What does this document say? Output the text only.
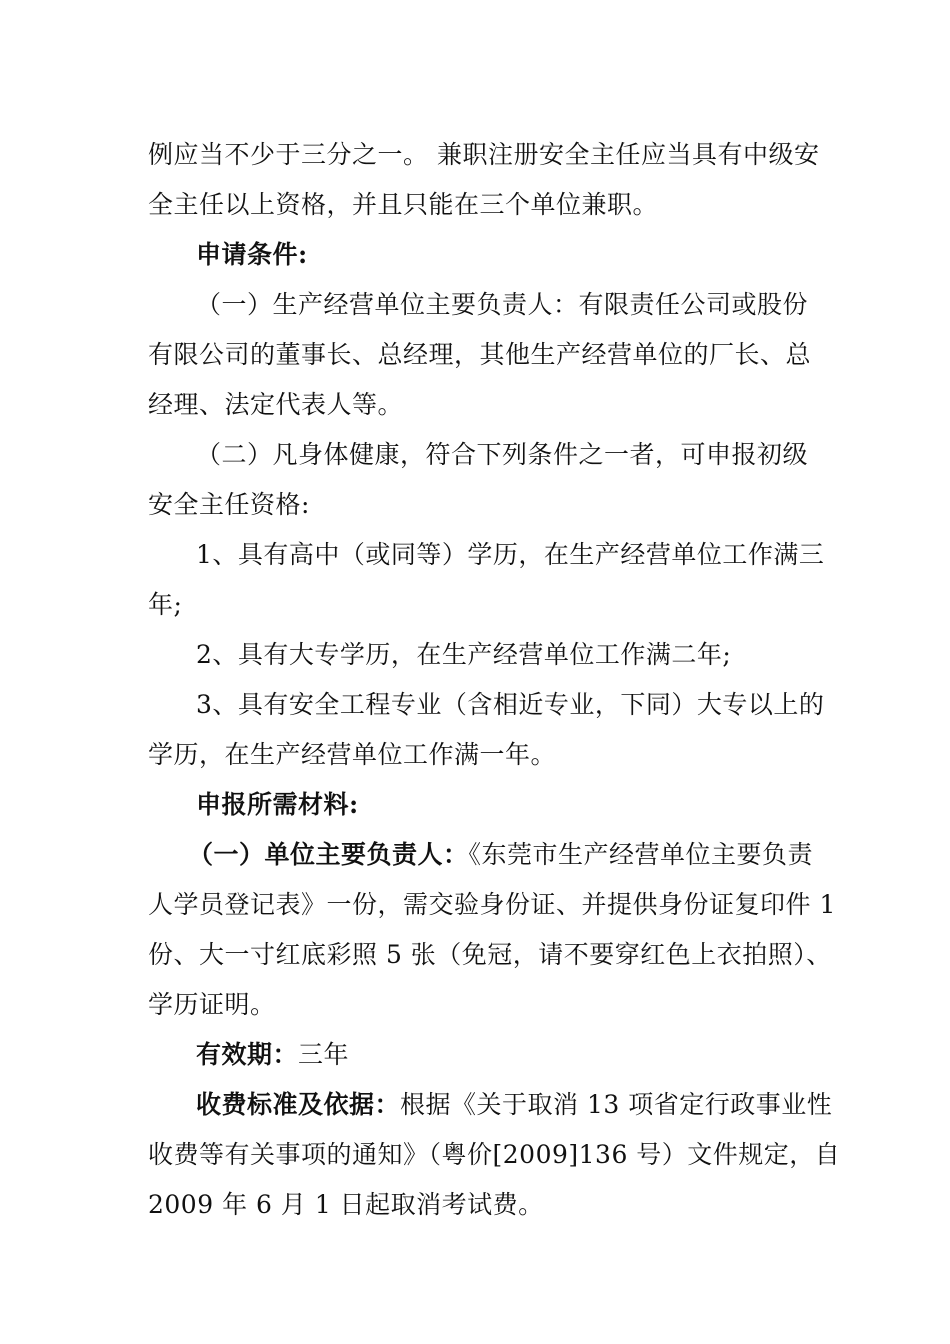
例应当不少于三分之一。 兼职注册安全主任应当具有中级安
全主任以上资格，并且只能在三个单位兼职。
申请条件:
（一）生产经营单位主要负责人：有限责任公司或股份
有限公司的董事长、总经理，其他生产经营单位的厂长、总
经理、法定代表人等。
（二）凡身体健康，符合下列条件之一者，可申报初级
安全主任资格:
1、具有高中（或同等）学历，在生产经营单位工作满三
年;
2、具有大专学历，在生产经营单位工作满二年;
3、具有安全工程专业（含相近专业，下同）大专以上的
学历，在生产经营单位工作满一年。
申报所需材料:
（一）单位主要负责人：《东莞市生产经营单位主要负责
人学员登记表》一份，需交验身份证、并提供身份证复印件 1
份、大一寸红底彩照 5 张（免冠，请不要穿红色上衣拍照）、
学历证明。
有效期：三年
收费标准及依据：根据《关于取消 13 项省定行政事业性
收费等有关事项的通知》（粤价[2009]136 号）文件规定，自
2009 年 6 月 1 日起取消考试费。
